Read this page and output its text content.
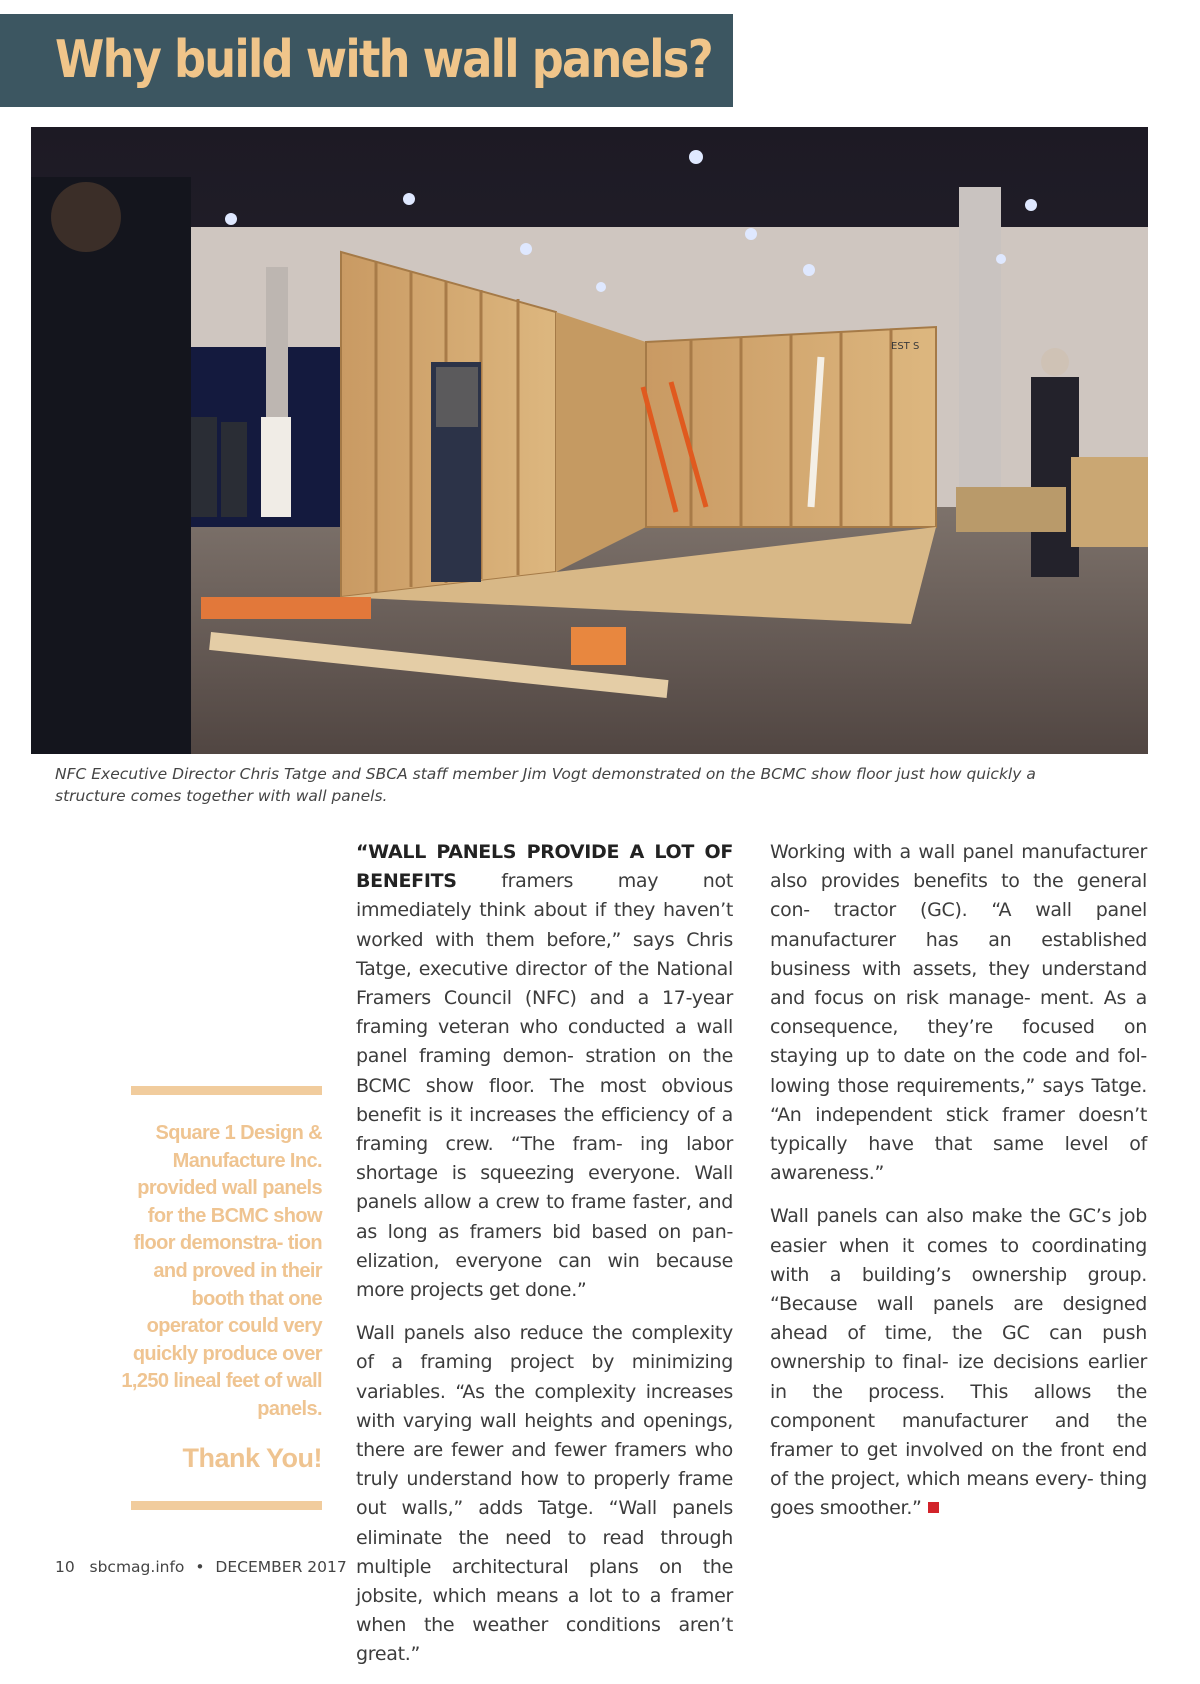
Why build with wall panels?
EST S
NFC Executive Director Chris Tatge and SBCA staff member Jim Vogt demonstrated on the BCMC show floor just how quickly a structure comes together with wall panels.
Square 1 Design & Manufacture Inc. provided wall panels for the BCMC show floor demonstra- tion and proved in their booth that one operator could very quickly produce over 1,250 lineal feet of wall panels.
Thank You!

“WALL PANELS PROVIDE A LOT OF BENEFITS framers may not immediately think about if they haven’t worked with them before,” says Chris Tatge, executive director of the National Framers Council (NFC) and a 17-year framing veteran who conducted a wall panel framing demon- stration on the BCMC show floor. The most obvious benefit is it increases the efficiency of a framing crew. “The fram- ing labor shortage is squeezing everyone. Wall panels allow a crew to frame faster, and as long as framers bid based on pan- elization, everyone can win because more projects get done.”

Wall panels also reduce the complexity of a framing project by minimizing variables. “As the complexity increases with varying wall heights and openings, there are fewer and fewer framers who truly understand how to properly frame out walls,” adds Tatge. “Wall panels eliminate the need to read through multiple architectural plans on the jobsite, which means a lot to a framer when the weather conditions aren’t great.”

Working with a wall panel manufacturer also provides benefits to the general con- tractor (GC). “A wall panel manufacturer has an established business with assets, they understand and focus on risk manage- ment. As a consequence, they’re focused on staying up to date on the code and fol- lowing those requirements,” says Tatge. “An independent stick framer doesn’t typically have that same level of awareness.”

Wall panels can also make the GC’s job easier when it comes to coordinating with a building’s ownership group. “Because wall panels are designed ahead of time, the GC can push ownership to final- ize decisions earlier in the process. This allows the component manufacturer and the framer to get involved on the front end of the project, which means every- thing goes smoother.”

10 sbcmag.info • DECEMBER 2017
